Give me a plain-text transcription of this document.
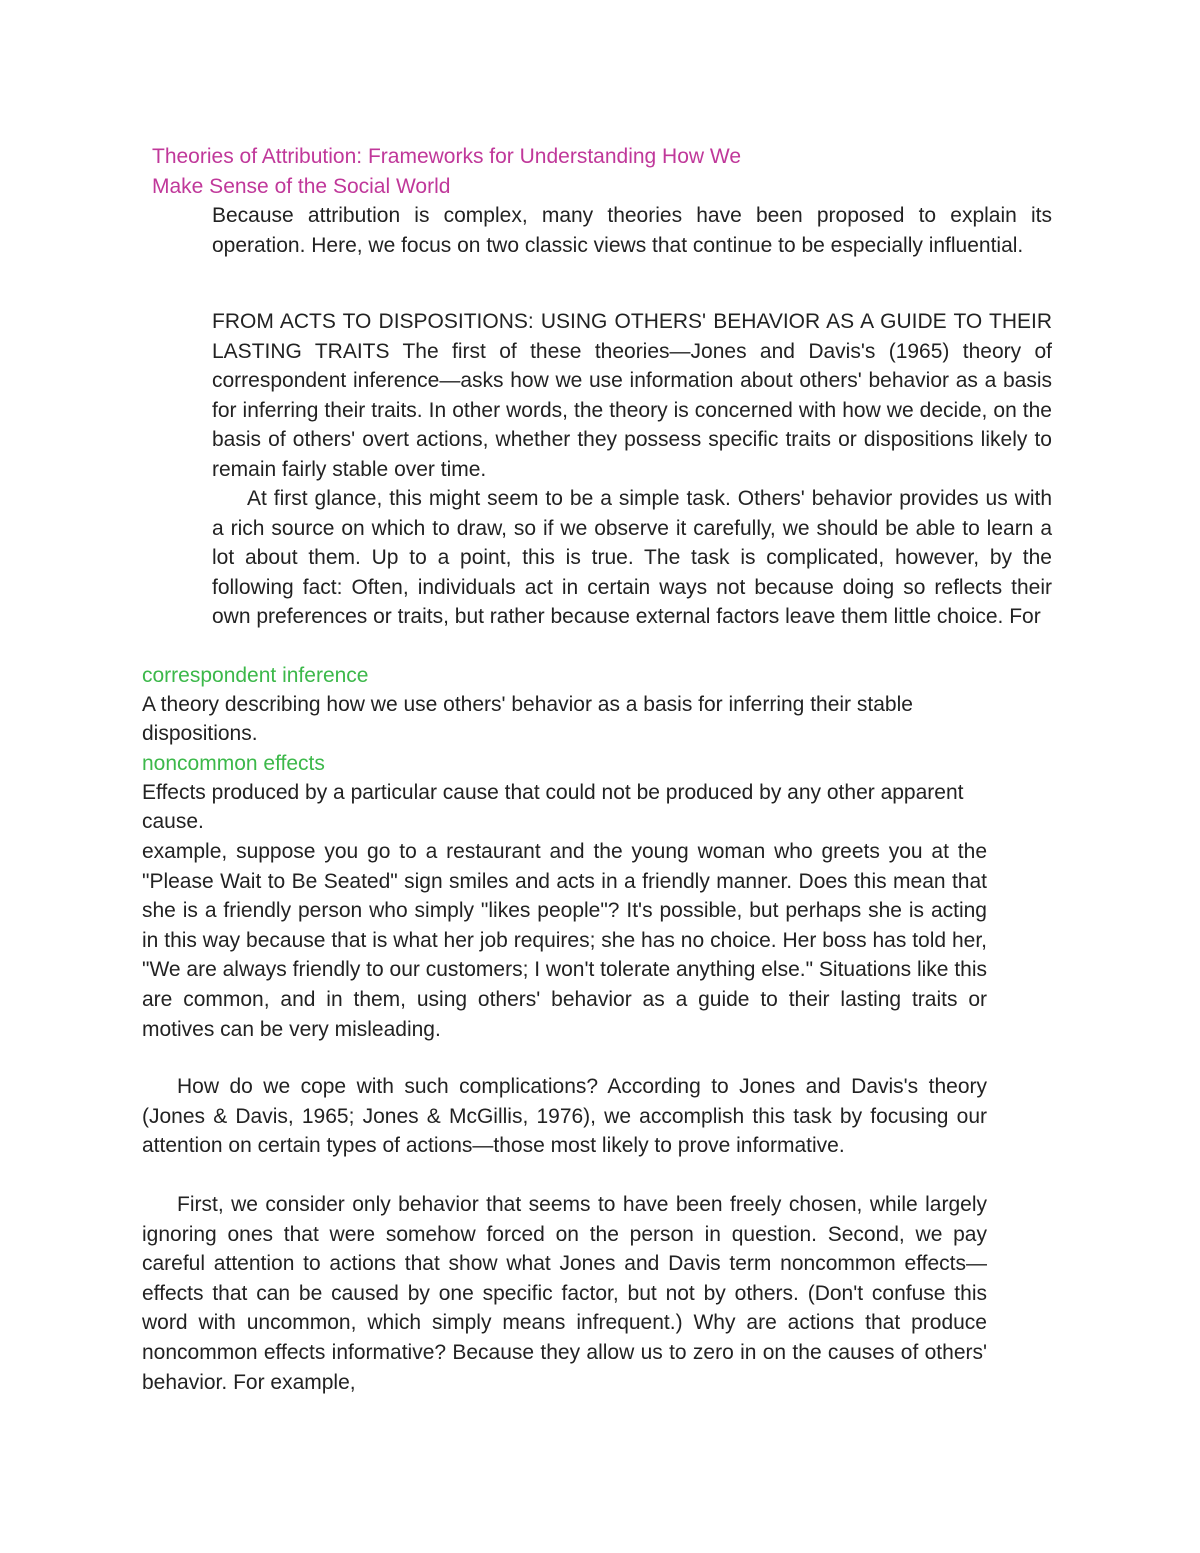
Theories of Attribution: Frameworks for Understanding How We
Make Sense of the Social World

Because attribution is complex, many theories have been proposed to explain its operation. Here, we focus on two classic views that continue to be especially influential.

FROM ACTS TO DISPOSITIONS: USING OTHERS' BEHAVIOR AS A GUIDE TO THEIR LASTING TRAITS The first of these theories—Jones and Davis's (1965) theory of correspondent inference—asks how we use information about others' behavior as a basis for inferring their traits. In other words, the theory is concerned with how we decide, on the basis of others' overt actions, whether they possess specific traits or dispositions likely to remain fairly stable over time.

At first glance, this might seem to be a simple task. Others' behavior provides us with a rich source on which to draw, so if we observe it carefully, we should be able to learn a lot about them. Up to a point, this is true. The task is complicated, however, by the following fact: Often, individuals act in certain ways not because doing so reflects their own preferences or traits, but rather because external factors leave them little choice. For

correspondent inference

A theory describing how we use others' behavior as a basis for inferring their stable dispositions.

noncommon effects

Effects produced by a particular cause that could not be produced by any other apparent cause.

example, suppose you go to a restaurant and the young woman who greets you at the "Please Wait to Be Seated" sign smiles and acts in a friendly manner. Does this mean that she is a friendly person who simply "likes people"? It's possible, but perhaps she is acting in this way because that is what her job requires; she has no choice. Her boss has told her, "We are always friendly to our customers; I won't tolerate anything else." Situations like this are common, and in them, using others' behavior as a guide to their lasting traits or motives can be very misleading.

How do we cope with such complications? According to Jones and Davis's theory (Jones & Davis, 1965; Jones & McGillis, 1976), we accomplish this task by focusing our attention on certain types of actions—those most likely to prove informative.

First, we consider only behavior that seems to have been freely chosen, while largely ignoring ones that were somehow forced on the person in question. Second, we pay careful attention to actions that show what Jones and Davis term noncommon effects—effects that can be caused by one specific factor, but not by others. (Don't confuse this word with uncommon, which simply means infrequent.) Why are actions that produce noncommon effects informative? Because they allow us to zero in on the causes of others' behavior. For example,
